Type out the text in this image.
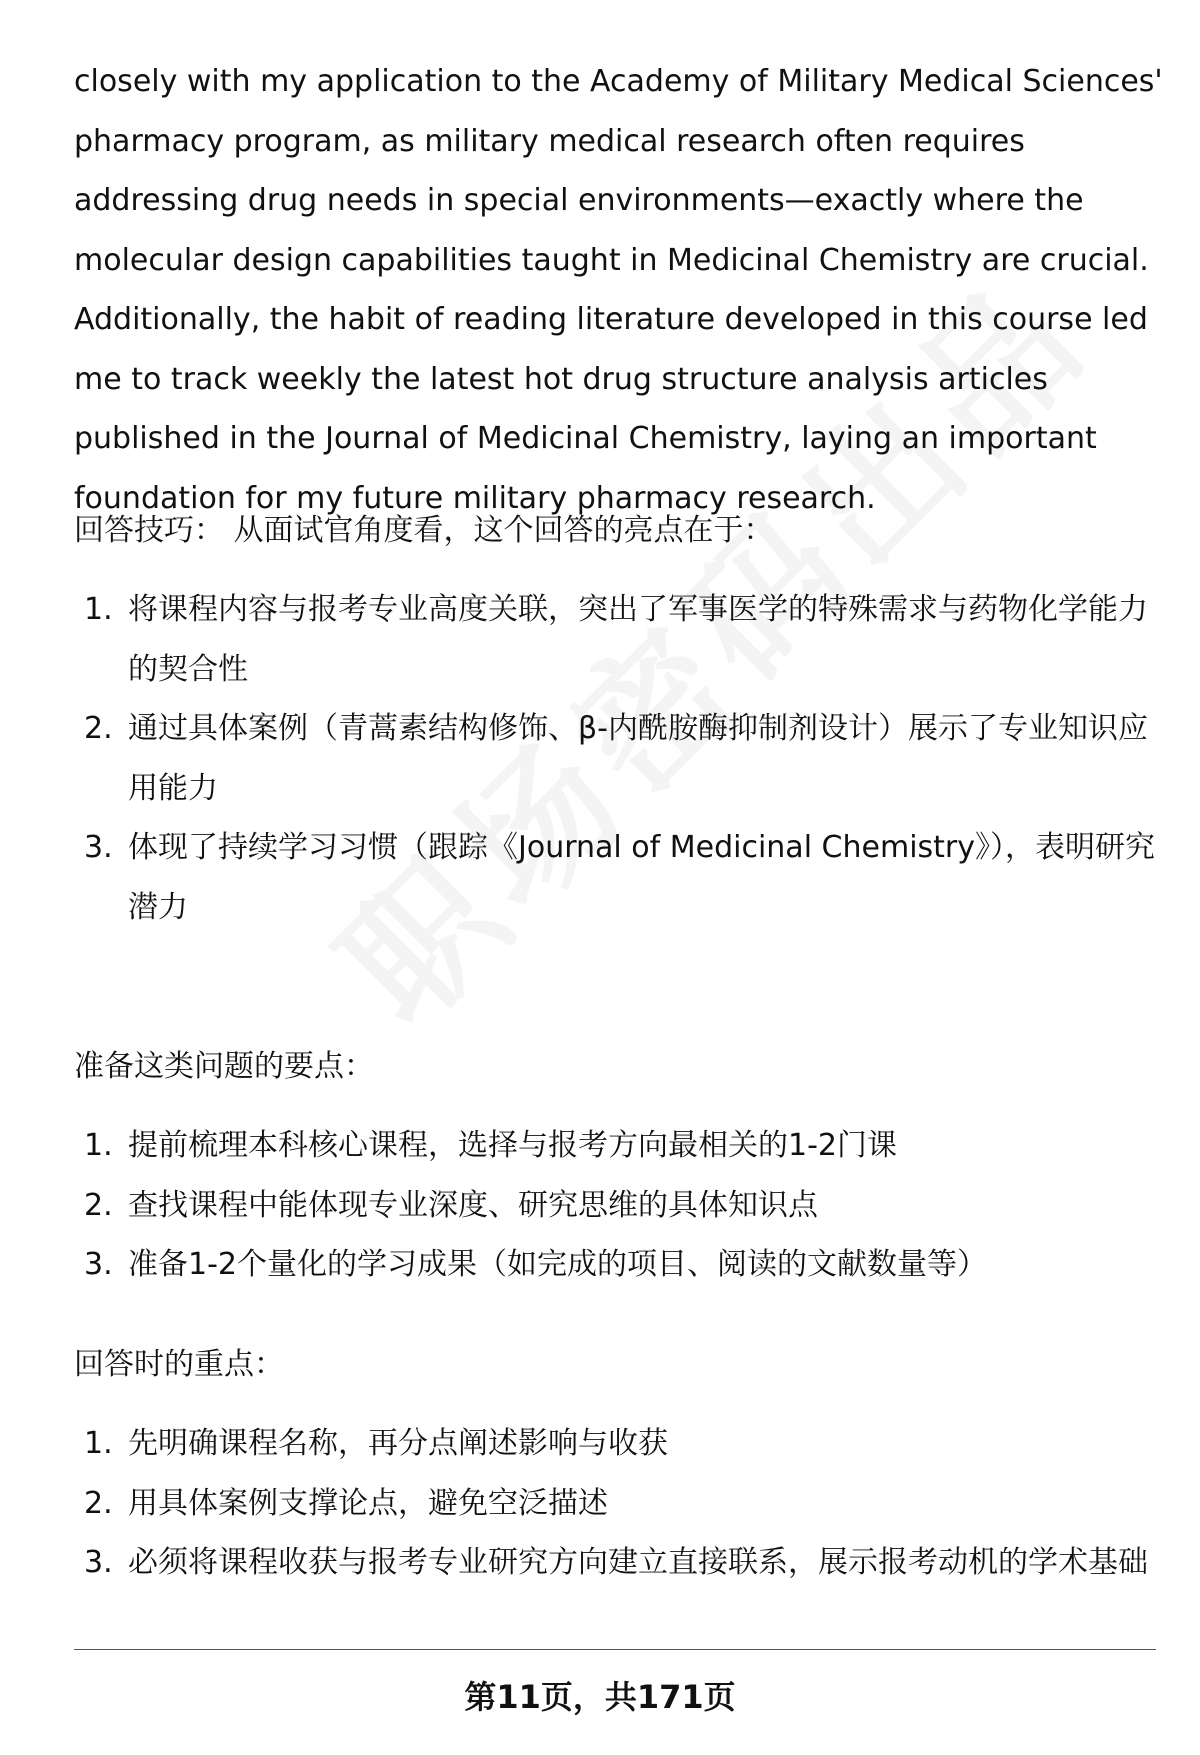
closely with my application to the Academy of Military Medical Sciences' pharmacy program, as military medical research often requires addressing drug needs in special environments—exactly where the molecular design capabilities taught in Medicinal Chemistry are crucial. Additionally, the habit of reading literature developed in this course led me to track weekly the latest hot drug structure analysis articles published in the Journal of Medicinal Chemistry, laying an important foundation for my future military pharmacy research.

回答技巧： 从面试官角度看，这个回答的亮点在于：
1. 将课程内容与报考专业高度关联，突出了军事医学的特殊需求与药物化学能力的契合性
2. 通过具体案例（青蒿素结构修饰、β-内酰胺酶抑制剂设计）展示了专业知识应用能力
3. 体现了持续学习习惯（跟踪《Journal of Medicinal Chemistry》），表明研究潜力
准备这类问题的要点：
1. 提前梳理本科核心课程，选择与报考方向最相关的1-2门课
2. 查找课程中能体现专业深度、研究思维的具体知识点
3. 准备1-2个量化的学习成果（如完成的项目、阅读的文献数量等）
回答时的重点：
1. 先明确课程名称，再分点阐述影响与收获
2. 用具体案例支撑论点，避免空泛描述
3. 必须将课程收获与报考专业研究方向建立直接联系，展示报考动机的学术基础
第11页，共171页
